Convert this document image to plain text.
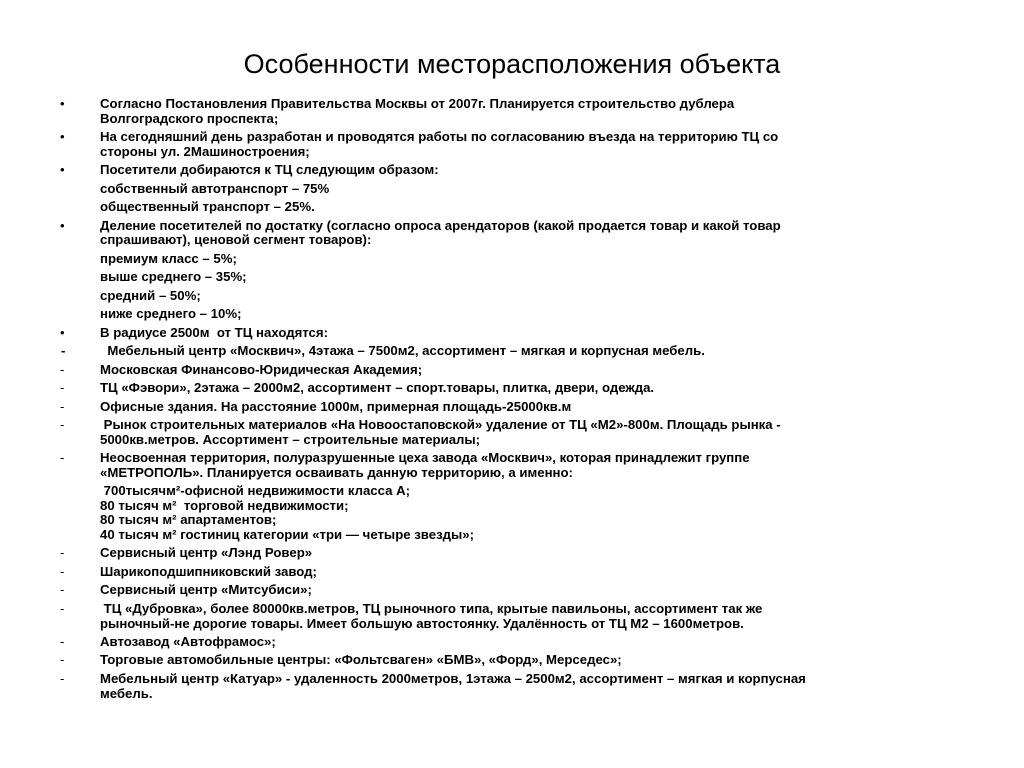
Особенности месторасположения объекта
•	Согласно Постановления Правительства Москвы от 2007г. Планируется строительство дублера
Волгоградского проспекта;
•	На сегодняшний день разработан и проводятся работы по согласованию въезда на территорию ТЦ со
стороны ул. 2Машиностроения;
•	Посетители добираются к ТЦ следующим образом:
собственный автотранспорт – 75%
общественный транспорт – 25%.
•	Деление посетителей по достатку (согласно опроса арендаторов (какой продается товар и какой товар
спрашивают), ценовой сегмент товаров):
премиум класс – 5%;
выше среднего – 35%;
средний – 50%;
ниже среднего – 10%;
•	В радиусе 2500м  от ТЦ находятся:
-	Мебельный центр «Москвич», 4этажа – 7500м2, ассортимент – мягкая и корпусная мебель.
-	Московская Финансово-Юридическая Академия;
-	ТЦ «Фэвори», 2этажа – 2000м2, ассортимент – спорт.товары, плитка, двери, одежда.
-	Офисные здания. На расстояние 1000м, примерная площадь-25000кв.м
-	Рынок строительных материалов «На Новоостаповской» удаление от ТЦ «М2»-800м. Площадь рынка -
5000кв.метров. Ассортимент – строительные материалы;
-	Неосвоенная территория, полуразрушенные цеха завода «Москвич», которая принадлежит группе
«МЕТРОПОЛЬ». Планируется осваивать данную территорию, а именно:
700тысячм²-офисной недвижимости класса А;
80 тысяч м²  торговой недвижимости;
80 тысяч м² апартаментов;
40 тысяч м² гостиниц категории «три — четыре звезды»;
-	Сервисный центр «Лэнд Ровер»
-	Шарикоподшипниковский завод;
-	Сервисный центр «Митсубиси»;
-	ТЦ «Дубровка», более 80000кв.метров, ТЦ рыночного типа, крытые павильоны, ассортимент так же
рыночный-не дорогие товары. Имеет большую автостоянку. Удалённость от ТЦ М2 – 1600метров.
-	Автозавод «Автофрамос»;
-	Торговые автомобильные центры: «Фольтсваген» «БМВ», «Форд», Мерседес»;
-	Мебельный центр «Катуар» - удаленность 2000метров, 1этажа – 2500м2, ассортимент – мягкая и корпусная
мебель.
